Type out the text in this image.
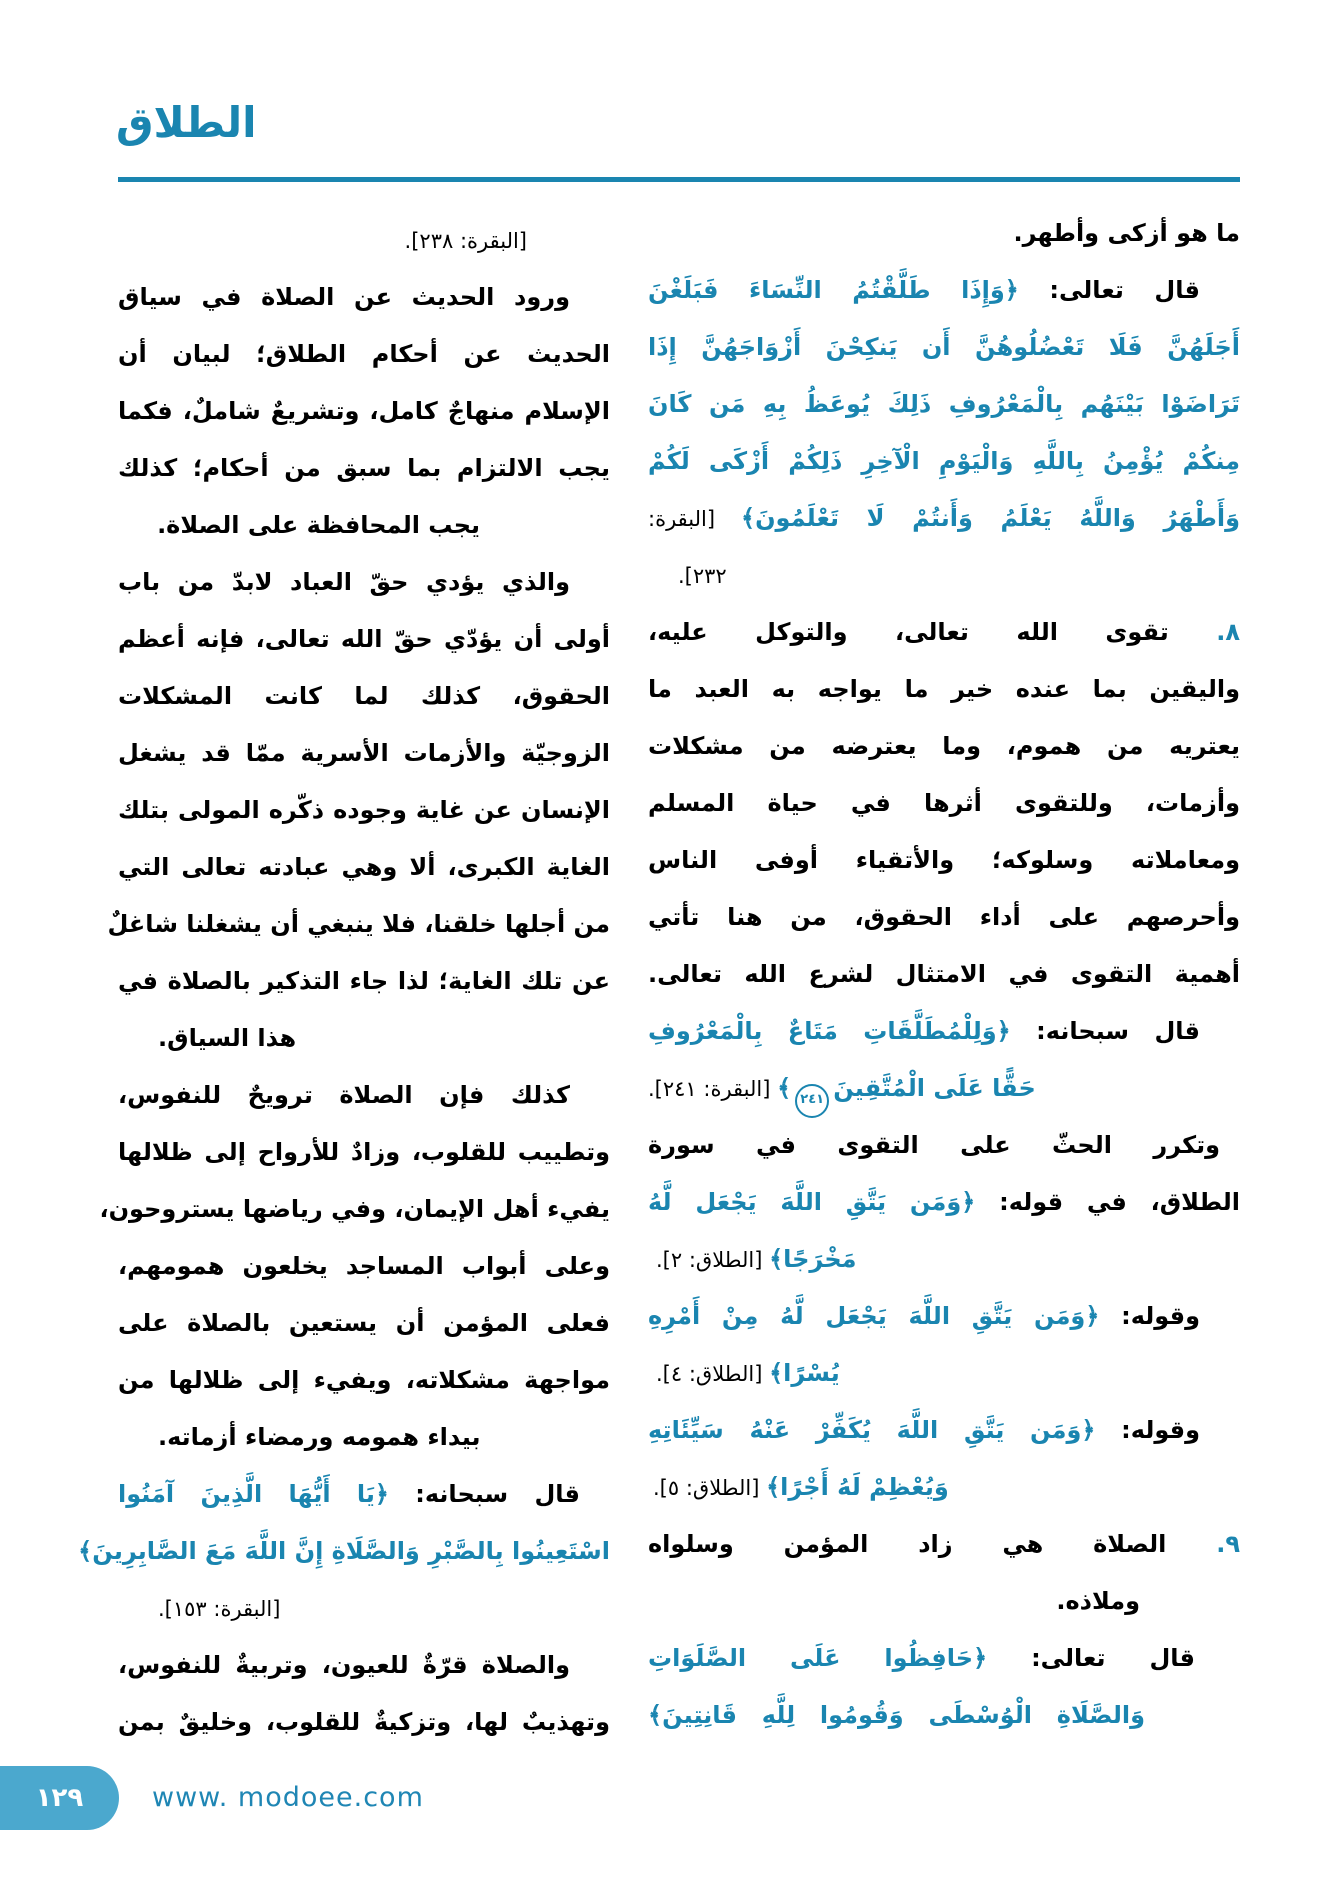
الطلاق
ما هو أزكى وأطهر.
قال تعالى: ﴿وَإِذَا طَلَّقْتُمُ النِّسَاءَ فَبَلَغْنَ
أَجَلَهُنَّ فَلَا تَعْضُلُوهُنَّ أَن يَنكِحْنَ أَزْوَاجَهُنَّ إِذَا
تَرَاضَوْا بَيْنَهُم بِالْمَعْرُوفِ ذَلِكَ يُوعَظُ بِهِ مَن كَانَ
مِنكُمْ يُؤْمِنُ بِاللَّهِ وَالْيَوْمِ الْآخِرِ ذَلِكُمْ أَزْكَى لَكُمْ
وَأَطْهَرُ وَاللَّهُ يَعْلَمُ وَأَنتُمْ لَا تَعْلَمُونَ﴾ [البقرة:
٢٣٢].
٨. تقوى الله تعالى، والتوكل عليه،
واليقين بما عنده خير ما يواجه به العبد ما
يعتريه من هموم، وما يعترضه من مشكلات
وأزمات، وللتقوى أثرها في حياة المسلم
ومعاملاته وسلوكه؛ والأتقياء أوفى الناس
وأحرصهم على أداء الحقوق، من هنا تأتي
أهمية التقوى في الامتثال لشرع الله تعالى.
قال سبحانه: ﴿وَلِلْمُطَلَّقَاتِ مَتَاعٌ بِالْمَعْرُوفِ
حَقًّا عَلَى الْمُتَّقِينَ٢٤١﴾ [البقرة: ٢٤١].
وتكرر الحثّ على التقوى في سورة
الطلاق، في قوله: ﴿وَمَن يَتَّقِ اللَّهَ يَجْعَل لَّهُ
مَخْرَجًا﴾ [الطلاق: ٢].
وقوله: ﴿وَمَن يَتَّقِ اللَّهَ يَجْعَل لَّهُ مِنْ أَمْرِهِ
يُسْرًا﴾ [الطلاق: ٤].
وقوله: ﴿وَمَن يَتَّقِ اللَّهَ يُكَفِّرْ عَنْهُ سَيِّئَاتِهِ
وَيُعْظِمْ لَهُ أَجْرًا﴾ [الطلاق: ٥].
٩. الصلاة هي زاد المؤمن وسلواه
وملاذه.
قال تعالى: ﴿حَافِظُوا عَلَى الصَّلَوَاتِ
وَالصَّلَاةِ الْوُسْطَى وَقُومُوا لِلَّهِ قَانِتِينَ﴾
[البقرة: ٢٣٨].
ورود الحديث عن الصلاة في سياق
الحديث عن أحكام الطلاق؛ لبيان أن
الإسلام منهاجٌ كامل، وتشريعٌ شاملٌ، فكما
يجب الالتزام بما سبق من أحكام؛ كذلك
يجب المحافظة على الصلاة.
والذي يؤدي حقّ العباد لابدّ من باب
أولى أن يؤدّي حقّ الله تعالى، فإنه أعظم
الحقوق، كذلك لما كانت المشكلات
الزوجيّة والأزمات الأسرية ممّا قد يشغل
الإنسان عن غاية وجوده ذكّره المولى بتلك
الغاية الكبرى، ألا وهي عبادته تعالى التي
من أجلها خلقنا، فلا ينبغي أن يشغلنا شاغلٌ
عن تلك الغاية؛ لذا جاء التذكير بالصلاة في
هذا السياق.
كذلك فإن الصلاة ترويحٌ للنفوس،
وتطييب للقلوب، وزادٌ للأرواح إلى ظلالها
يفيء أهل الإيمان، وفي رياضها يستروحون،
وعلى أبواب المساجد يخلعون همومهم،
فعلى المؤمن أن يستعين بالصلاة على
مواجهة مشكلاته، ويفيء إلى ظلالها من
بيداء همومه ورمضاء أزماته.
قال سبحانه: ﴿يَا أَيُّهَا الَّذِينَ آمَنُوا
اسْتَعِينُوا بِالصَّبْرِ وَالصَّلَاةِ إِنَّ اللَّهَ مَعَ الصَّابِرِينَ﴾
[البقرة: ١٥٣].
والصلاة قرّةٌ للعيون، وتربيةٌ للنفوس،
وتهذيبٌ لها، وتزكيةٌ للقلوب، وخليقٌ بمن
١٢٩	www. modoee.com
